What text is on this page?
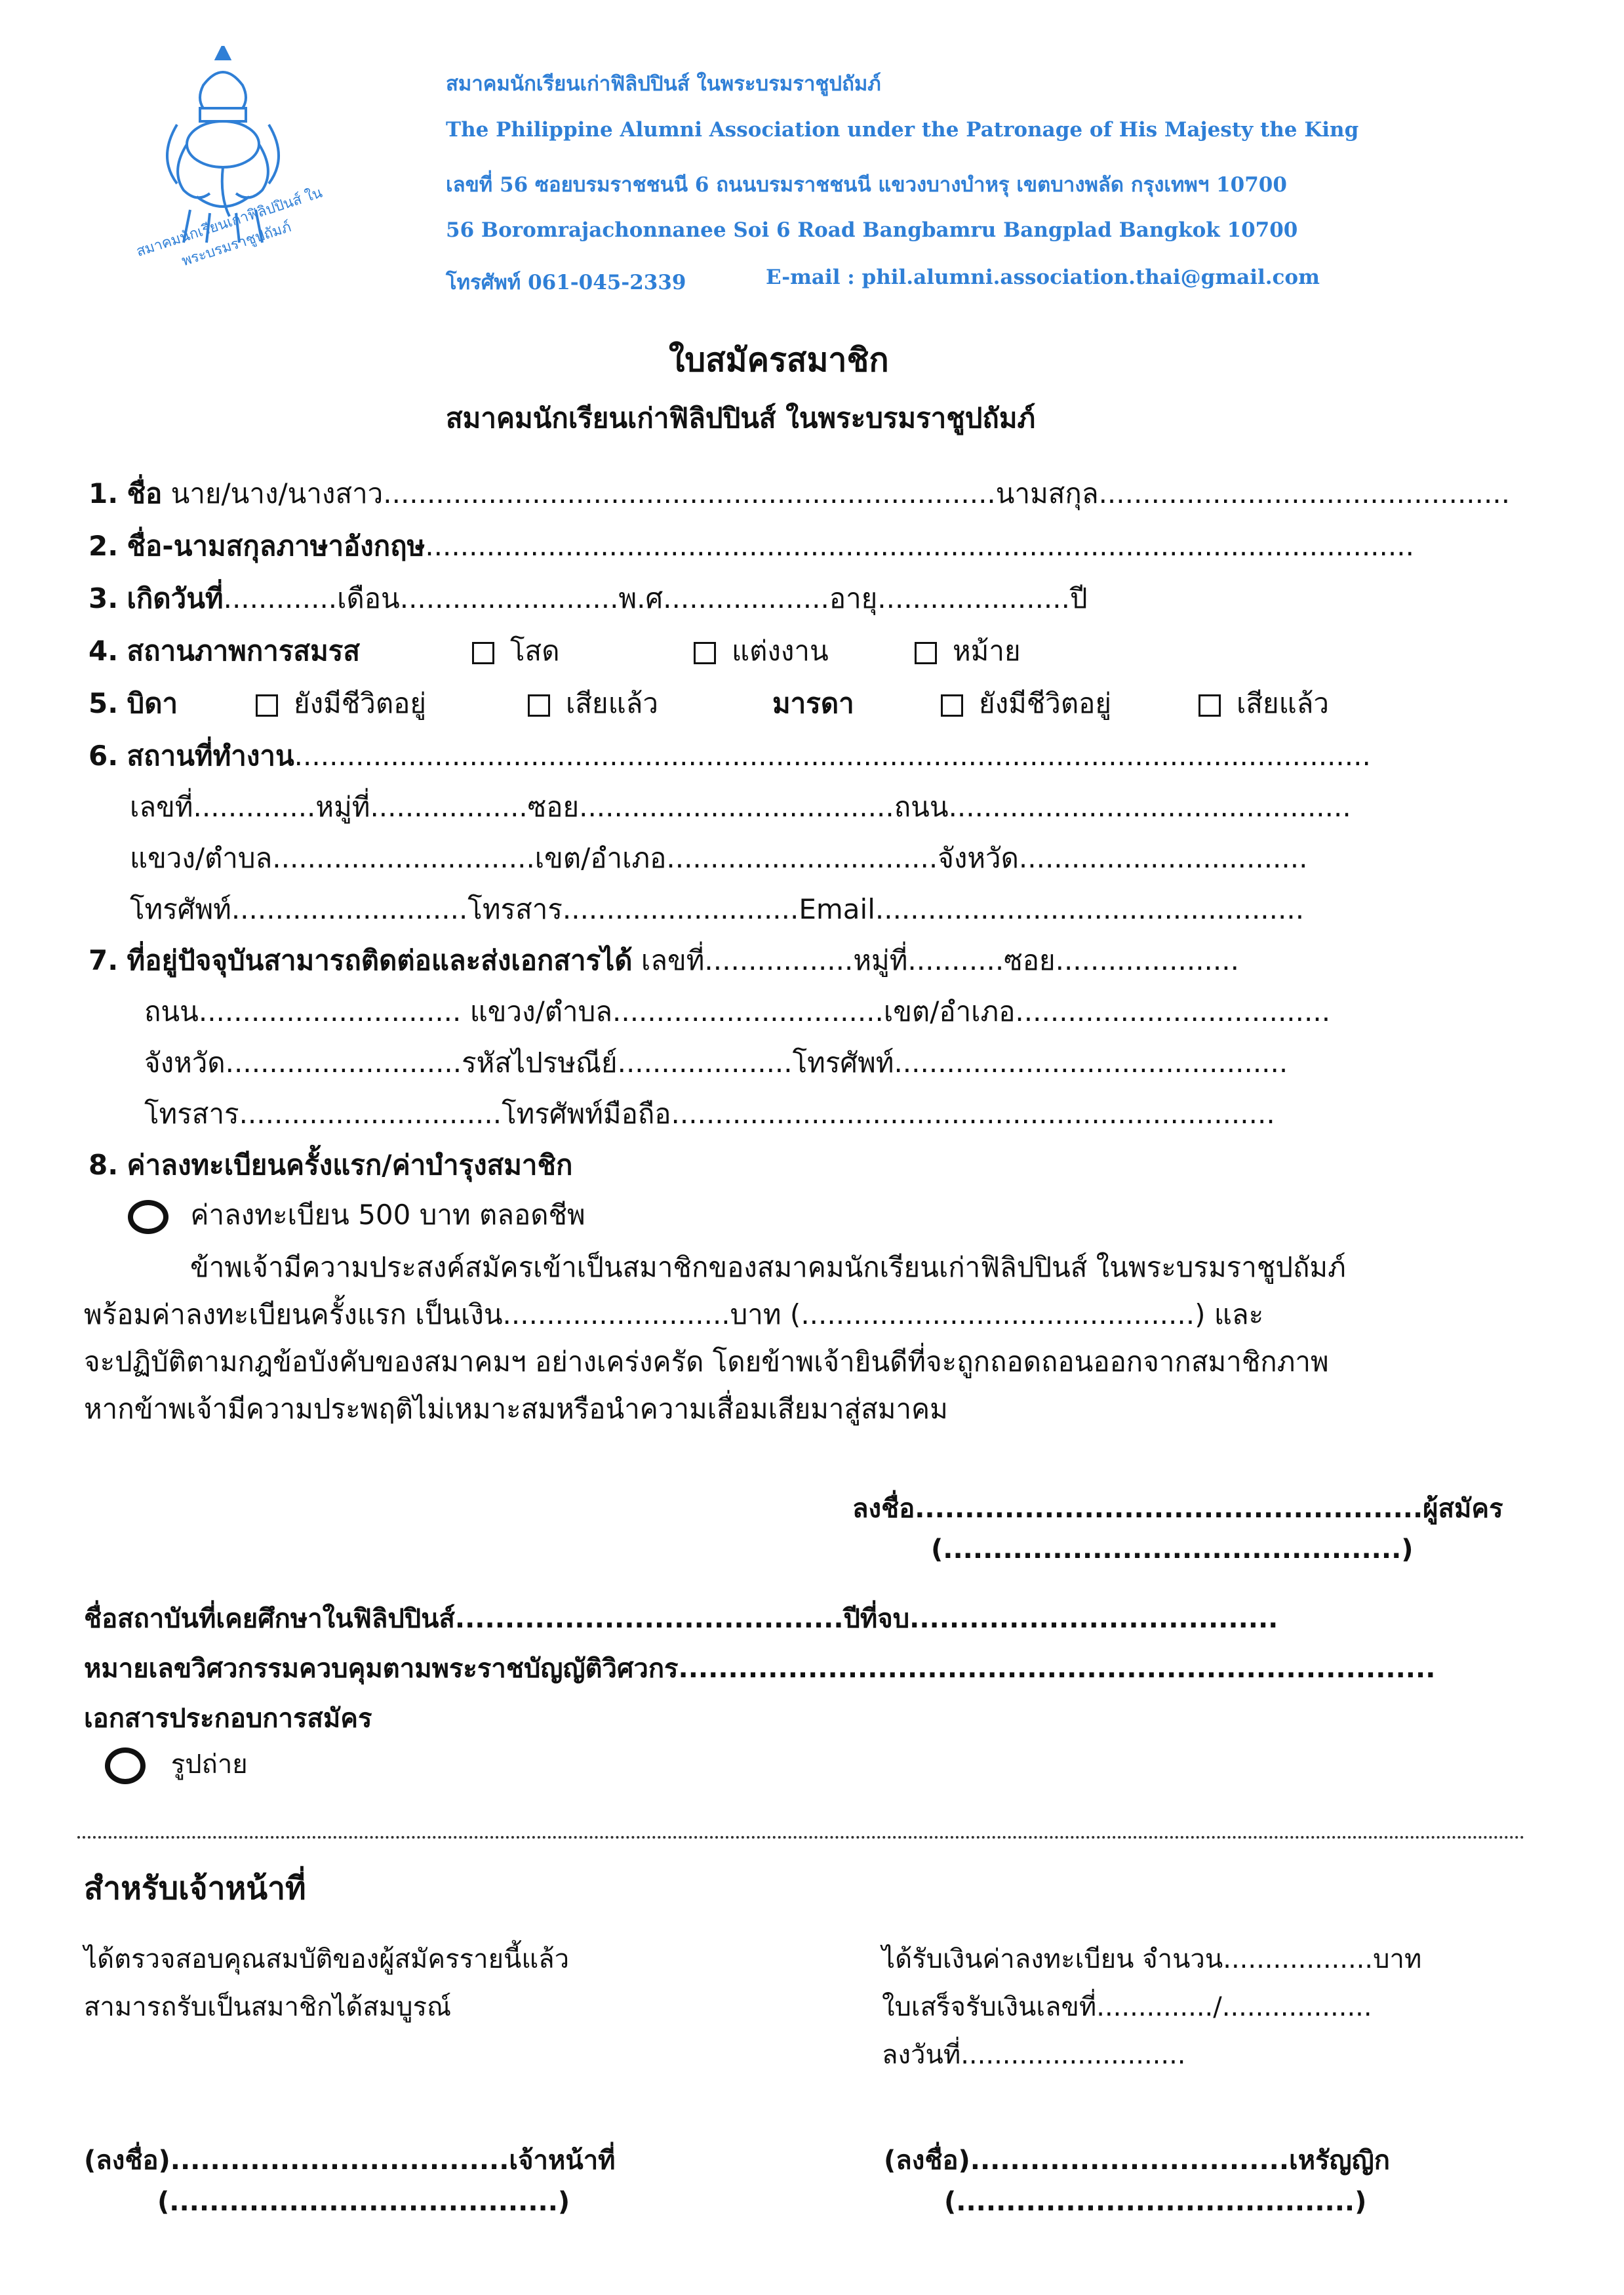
สมาคมนักเรียนเก่าฟิลิปปินส์ ในพระบรมราชูปถัมภ์
สมาคมนักเรียนเก่าฟิลิปปินส์ ในพระบรมราชูปถัมภ์
The Philippine Alumni Association under the Patronage of His Majesty the King
เลขที่ 56 ซอยบรมราชชนนี 6 ถนนบรมราชชนนี แขวงบางบำหรุ เขตบางพลัด กรุงเทพฯ 10700
56 Boromrajachonnanee Soi 6 Road Bangbamru Bangplad Bangkok 10700
โทรศัพท์ 061-045-2339	E-mail : phil.alumni.association.thai@gmail.com
ใบสมัครสมาชิก
สมาคมนักเรียนเก่าฟิลิปปินส์ ในพระบรมราชูปถัมภ์
1. ชื่อ นาย/นาง/นางสาว......................................................................นามสกุล...............................................
2. ชื่อ-นามสกุลภาษาอังกฤษ.................................................................................................................
3. เกิดวันที่.............เดือน.........................พ.ศ...................อายุ......................ปี
4. สถานภาพการสมรส	โสด	แต่งงาน	หม้าย
5. บิดา	ยังมีชีวิตอยู่	เสียแล้ว	มารดา	ยังมีชีวิตอยู่	เสียแล้ว
6. สถานที่ทำงาน...........................................................................................................................
เลขที่..............หมู่ที่..................ซอย....................................ถนน..............................................
แขวง/ตำบล..............................เขต/อำเภอ...............................จังหวัด.................................
โทรศัพท์...........................โทรสาร...........................Email.................................................
7. ที่อยู่ปัจจุบันสามารถติดต่อและส่งเอกสารได้ เลขที่.................หมู่ที่...........ซอย.....................
ถนน.............................. แขวง/ตำบล...............................เขต/อำเภอ....................................
จังหวัด...........................รหัสไปรษณีย์....................โทรศัพท์.............................................
โทรสาร..............................โทรศัพท์มือถือ.....................................................................
8. ค่าลงทะเบียนครั้งแรก/ค่าบำรุงสมาชิก
ค่าลงทะเบียน 500 บาท ตลอดชีพ
ข้าพเจ้ามีความประสงค์สมัครเข้าเป็นสมาชิกของสมาคมนักเรียนเก่าฟิลิปปินส์ ในพระบรมราชูปถัมภ์
พร้อมค่าลงทะเบียนครั้งแรก เป็นเงิน..........................บาท (.............................................) และ
จะปฏิบัติตามกฎข้อบังคับของสมาคมฯ อย่างเคร่งครัด โดยข้าพเจ้ายินดีที่จะถูกถอดถอนออกจากสมาชิกภาพ
หากข้าพเจ้ามีความประพฤติไม่เหมาะสมหรือนำความเสื่อมเสียมาสู่สมาคม
ลงชื่อ...................................................ผู้สมัคร
(..............................................)
ชื่อสถาบันที่เคยศึกษาในฟิลิปปินส์.......................................ปีที่จบ.....................................
หมายเลขวิศวกรรมควบคุมตามพระราชบัญญัติวิศวกร............................................................................
เอกสารประกอบการสมัคร
รูปถ่าย
สำหรับเจ้าหน้าที่
ได้ตรวจสอบคุณสมบัติของผู้สมัครรายนี้แล้ว
สามารถรับเป็นสมาชิกได้สมบูรณ์
ได้รับเงินค่าลงทะเบียน จำนวน..................บาท
ใบเสร็จรับเงินเลขที่............../..................
ลงวันที่...........................
(ลงชื่อ)..................................เจ้าหน้าที่
(.......................................)
(ลงชื่อ)................................เหรัญญิก
(........................................)
